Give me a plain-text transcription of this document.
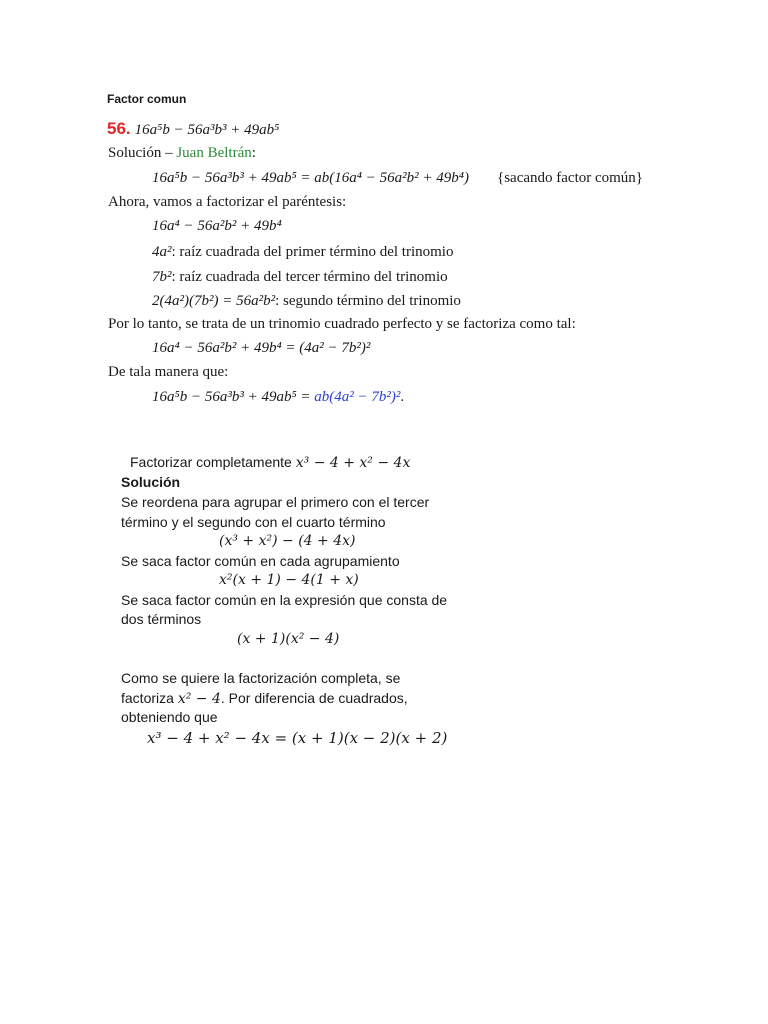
Factor comun
56. 16a⁵b − 56a³b³ + 49ab⁵
Solución – Juan Beltrán:
16a⁵b − 56a³b³ + 49ab⁵ = ab(16a⁴ − 56a²b² + 49b⁴) {sacando factor común}
Ahora, vamos a factorizar el paréntesis:
16a⁴ − 56a²b² + 49b⁴
4a²: raíz cuadrada del primer término del trinomio
7b²: raíz cuadrada del tercer término del trinomio
2(4a²)(7b²) = 56a²b²: segundo término del trinomio
Por lo tanto, se trata de un trinomio cuadrado perfecto y se factoriza como tal:
16a⁴ − 56a²b² + 49b⁴ = (4a² − 7b²)²
De tala manera que:
16a⁵b − 56a³b³ + 49ab⁵ = ab(4a² − 7b²)².
Factorizar completamente x³ − 4 + x² − 4x
Solución
Se reordena para agrupar el primero con el tercer
término y el segundo con el cuarto término
(x³ + x²) − (4 + 4x)
Se saca factor común en cada agrupamiento
x²(x + 1) − 4(1 + x)
Se saca factor común en la expresión que consta de
dos términos
(x + 1)(x² − 4)
Como se quiere la factorización completa, se
factoriza x² − 4. Por diferencia de cuadrados,
obteniendo que
x³ − 4 + x² − 4x = (x + 1)(x − 2)(x + 2)
